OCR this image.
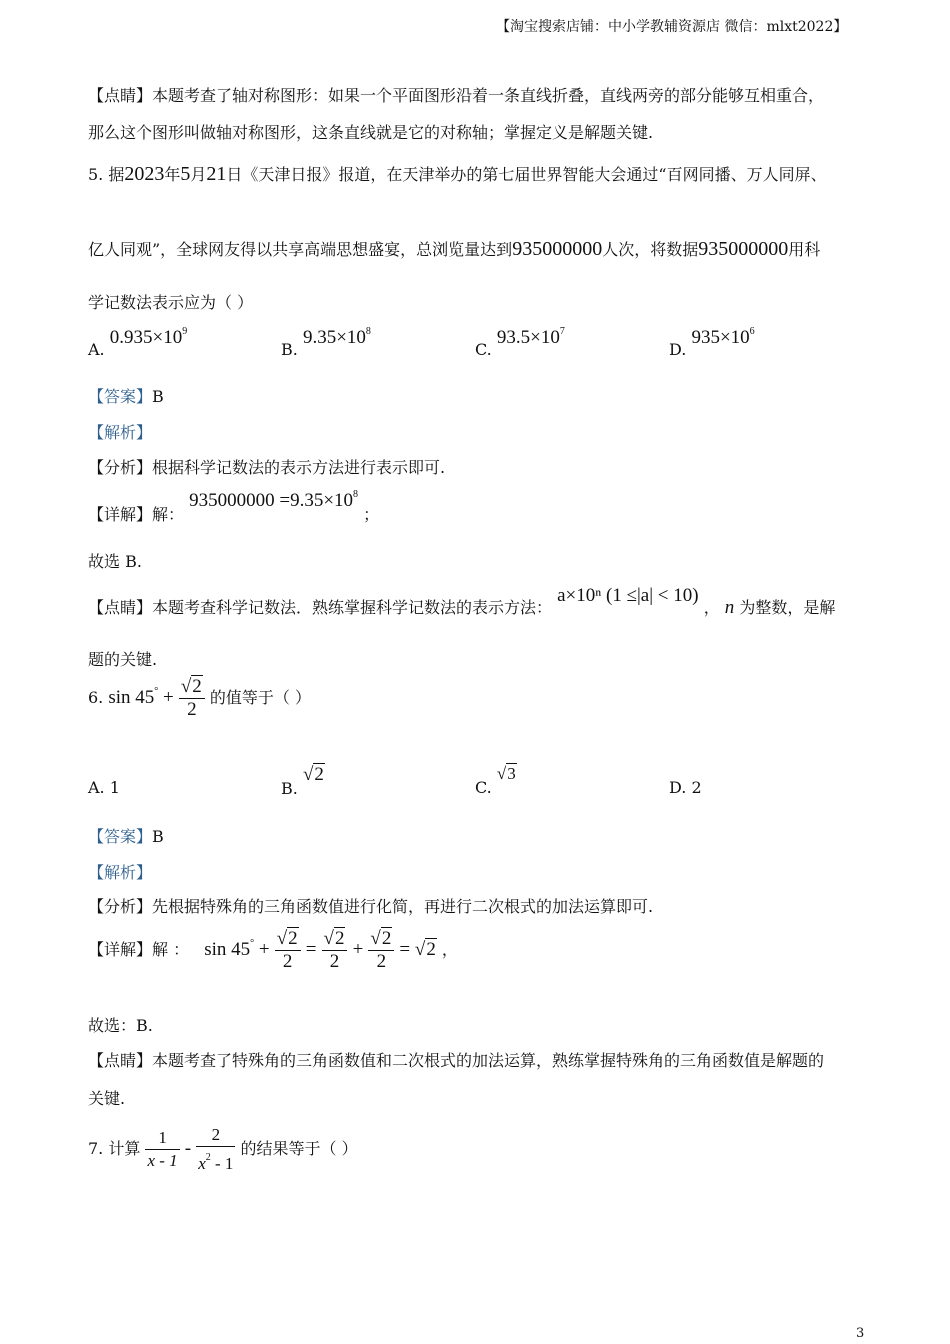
【淘宝搜索店铺：中小学教辅资源店 微信：mlxt2022】
【点睛】本题考查了轴对称图形：如果一个平面图形沿着一条直线折叠，直线两旁的部分能够互相重合，
那么这个图形叫做轴对称图形，这条直线就是它的对称轴；掌握定义是解题关键.
5. 据2023年5月21日《天津日报》报道，在天津举办的第七届世界智能大会通过“百网同播、万人同屏、
亿人同观”，全球网友得以共享高端思想盛宴，总浏览量达到935000000人次，将数据935000000用科
学记数法表示应为（ ）
A. $0.935\times 10^9$
B. $9.35\times 10^8$
C. $93.5\times 10^7$
D. $935\times 10^6$
【答案】B
【解析】
【分析】根据科学记数法的表示方法进行表示即可.
【详解】解： $935000000 =9.35\times 10^8$ ；
故选 B.
【点睛】本题考查科学记数法．熟练掌握科学记数法的表示方法： a×10ⁿ (1 ≤|a| < 10) ， n 为整数，是解
题的关键.
6. $\sin 45^\circ + \frac{√2}{2}$ 的值等于（ ）
A. 1	B. √2
C. √3
D. 2
【答案】B
【解析】
【分析】先根据特殊角的三角函数值进行化简，再进行二次根式的加法运算即可.
【详解】解 ： $\sin 45^\circ + \frac{√2}{2} = \frac{√2}{2} + \frac{√2}{2} = √2$ ，
故选：B.
【点睛】本题考查了特殊角的三角函数值和二次根式的加法运算，熟练掌握特殊角的三角函数值是解题的
关键.
7. 计算 $\frac{1}{x - 1} - \frac{2}{x^2 - 1}$ 的结果等于（ ）
3
